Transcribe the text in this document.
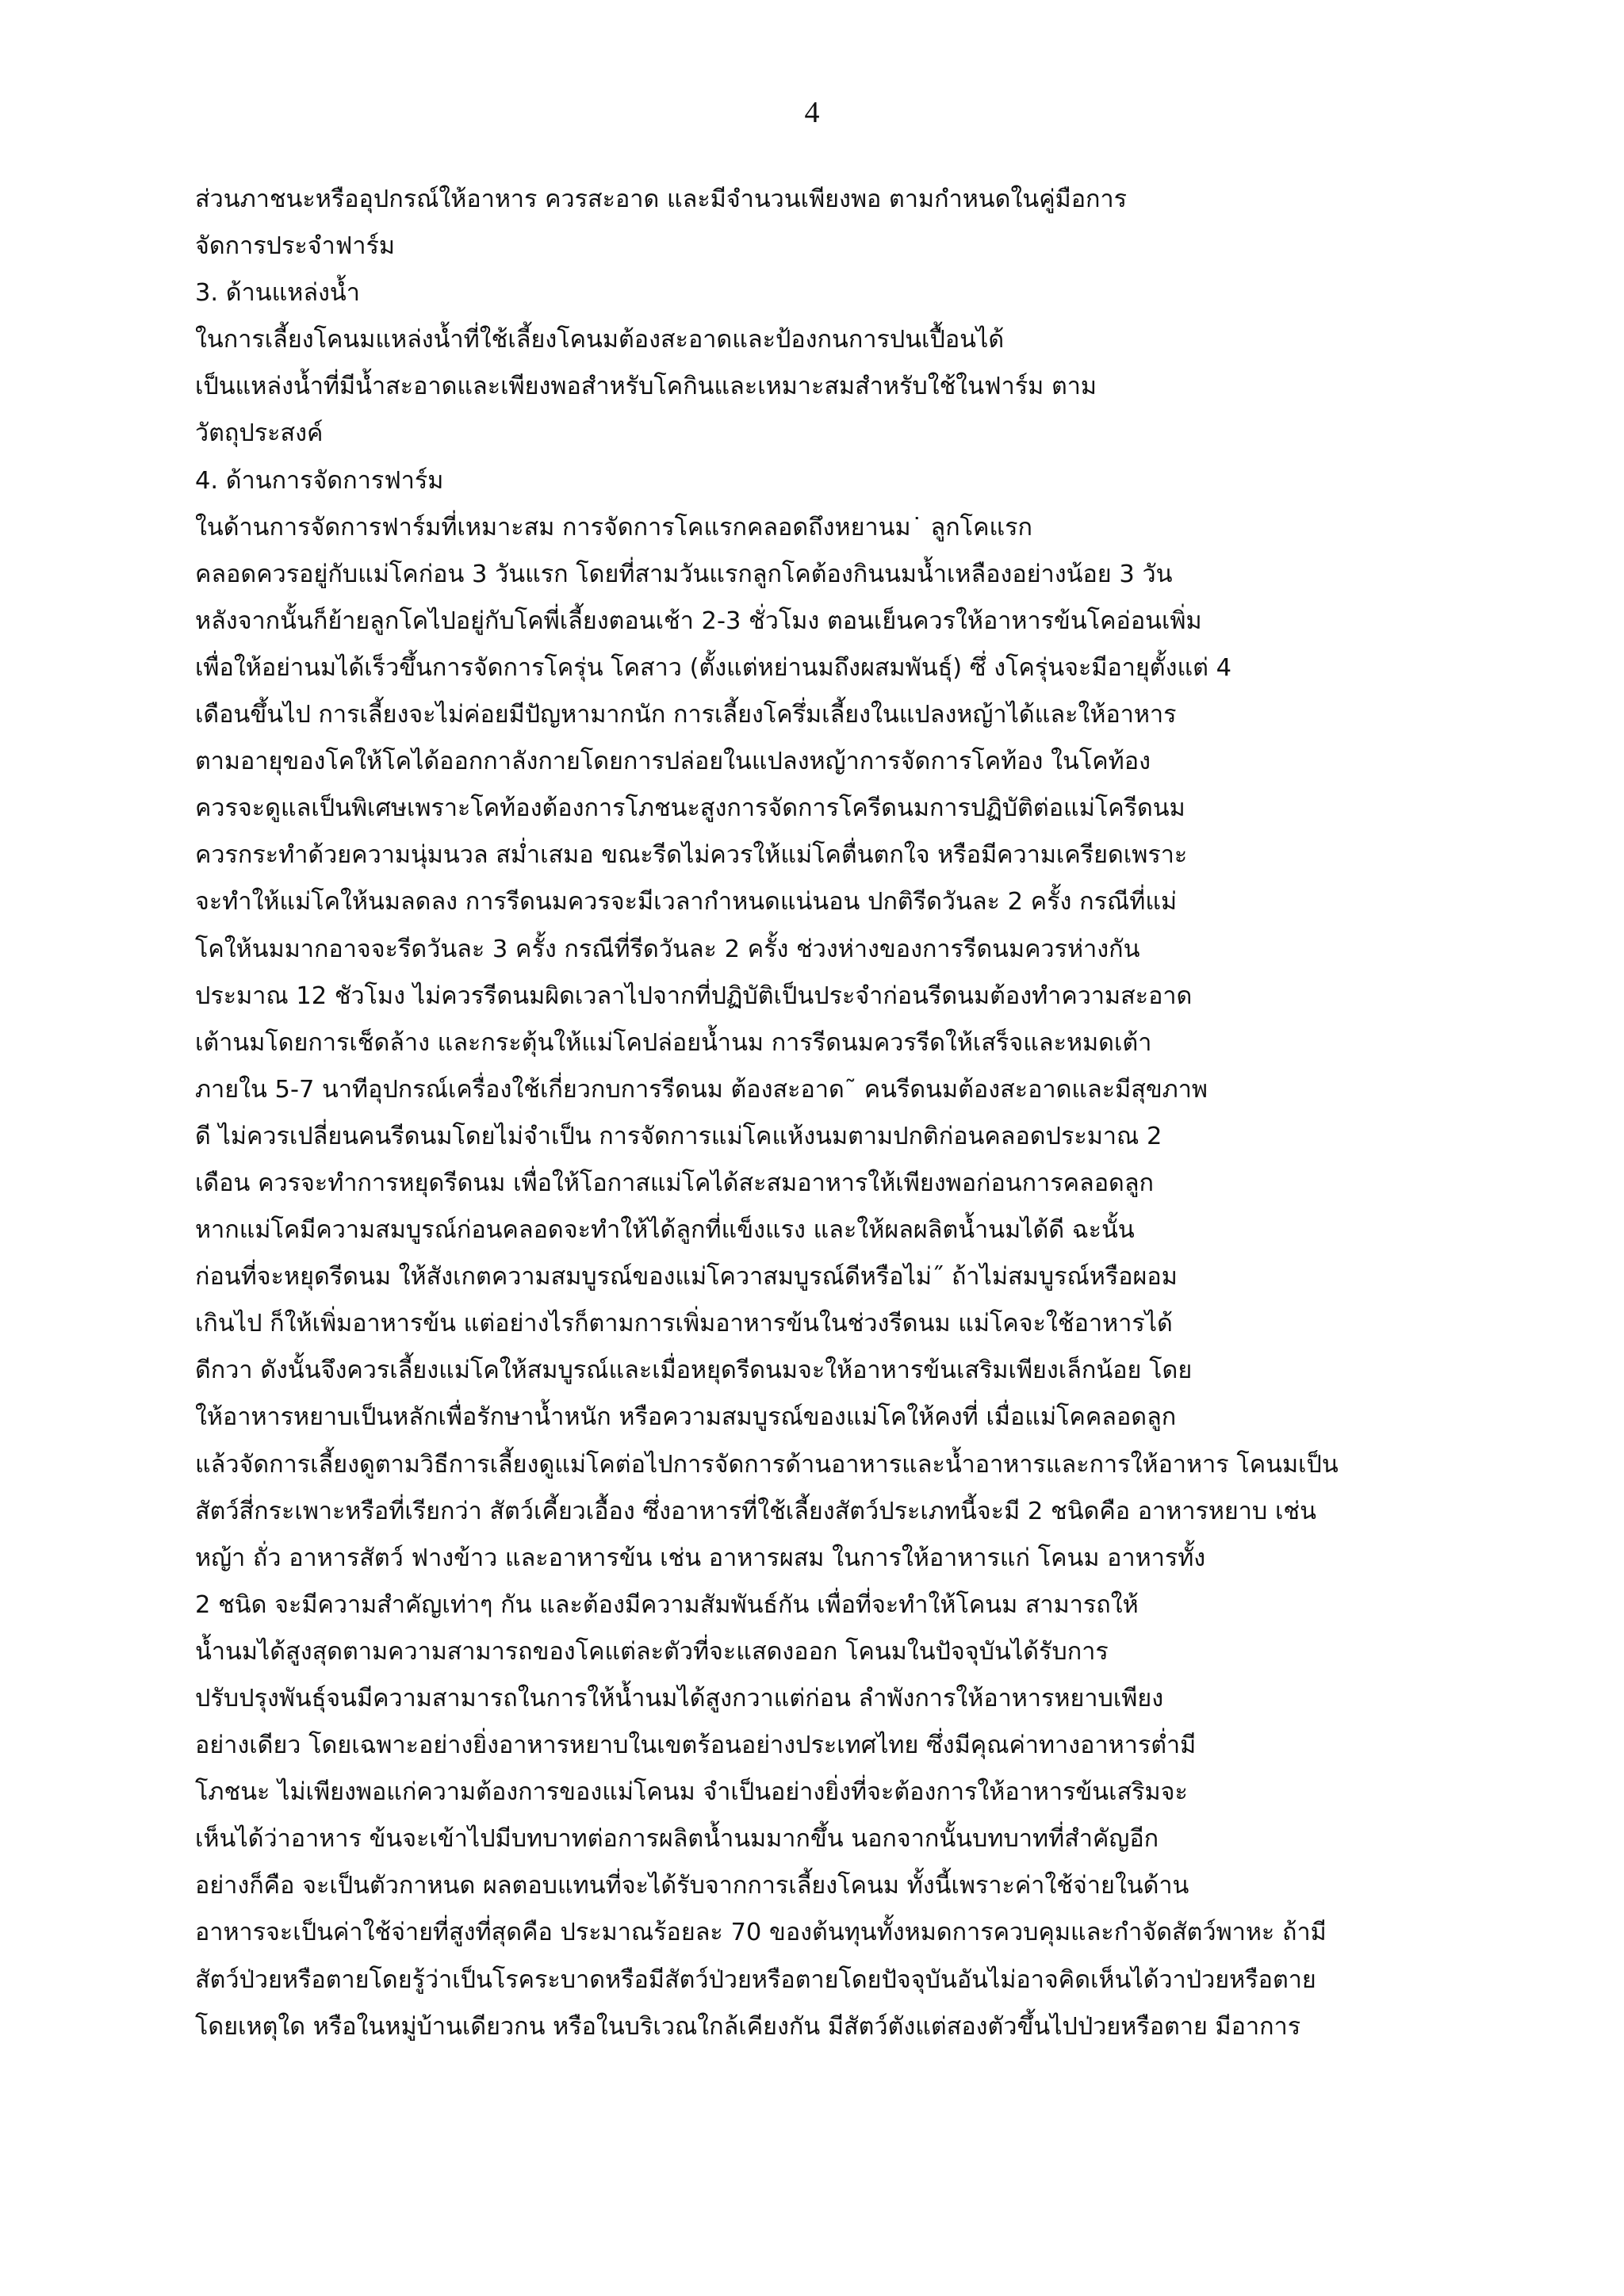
4
ส่วนภาชนะหรืออุปกรณ์ให้อาหาร ควรสะอาด และมีจำนวนเพียงพอ ตามกำหนดในคู่มือการ
จัดการประจำฟาร์ม
3. ด้านแหล่งน้ำ
ในการเลี้ยงโคนมแหล่งน้ำที่ใช้เลี้ยงโคนมต้องสะอาดและป้องกนการปนเปื้อนได้
เป็นแหล่งน้ำที่มีน้ำสะอาดและเพียงพอสำหรับโคกินและเหมาะสมสำหรับใช้ในฟาร์ม ตาม
วัตถุประสงค์
4. ด้านการจัดการฟาร์ม
ในด้านการจัดการฟาร์มที่เหมาะสม การจัดการโคแรกคลอดถึงหยานม˙ ลูกโคแรก
คลอดควรอยู่กับแม่โคก่อน 3 วันแรก โดยที่สามวันแรกลูกโคต้องกินนมน้ำเหลืองอย่างน้อย 3 วัน
หลังจากนั้นก็ย้ายลูกโคไปอยู่กับโคพี่เลี้ยงตอนเช้า 2-3 ชั่วโมง ตอนเย็นควรให้อาหารข้นโคอ่อนเพิ่ม
เพื่อให้อย่านมได้เร็วขึ้นการจัดการโครุ่น โคสาว (ตั้งแต่หย่านมถึงผสมพันธุ์) ซึ่ งโครุ่นจะมีอายุตั้งแต่ 4
เดือนขึ้นไป การเลี้ยงจะไม่ค่อยมีปัญหามากนัก การเลี้ยงโครึ่มเลี้ยงในแปลงหญ้าได้และให้อาหาร
ตามอายุของโคให้โคได้ออกกาลังกายโดยการปล่อยในแปลงหญ้าการจัดการโคท้อง ในโคท้อง
ควรจะดูแลเป็นพิเศษเพราะโคท้องต้องการโภชนะสูงการจัดการโครีดนมการปฏิบัติต่อแม่โครีดนม
ควรกระทำด้วยความนุ่มนวล สม่ำเสมอ ขณะรีดไม่ควรให้แม่โคตื่นตกใจ หรือมีความเครียดเพราะ
จะทำให้แม่โคให้นมลดลง การรีดนมควรจะมีเวลากำหนดแน่นอน ปกติรีดวันละ 2 ครั้ง กรณีที่แม่
โคให้นมมากอาจจะรีดวันละ 3 ครั้ง กรณีที่รีดวันละ 2 ครั้ง ช่วงห่างของการรีดนมควรห่างกัน
ประมาณ 12 ชัวโมง ไม่ควรรีดนมผิดเวลาไปจากที่ปฏิบัติเป็นประจำก่อนรีดนมต้องทำความสะอาด
เต้านมโดยการเช็ดล้าง และกระตุ้นให้แม่โคปล่อยน้ำนม การรีดนมควรรีดให้เสร็จและหมดเต้า
ภายใน 5-7 นาทีอุปกรณ์เครื่องใช้เกี่ยวกบการรีดนม ต้องสะอาด˜ คนรีดนมต้องสะอาดและมีสุขภาพ
ดี ไม่ควรเปลี่ยนคนรีดนมโดยไม่จำเป็น การจัดการแม่โคแห้งนมตามปกติก่อนคลอดประมาณ 2
เดือน ควรจะทำการหยุดรีดนม เพื่อให้โอกาสแม่โคได้สะสมอาหารให้เพียงพอก่อนการคลอดลูก
หากแม่โคมีความสมบูรณ์ก่อนคลอดจะทำให้ได้ลูกที่แข็งแรง และให้ผลผลิตน้ำนมได้ดี ฉะนั้น
ก่อนที่จะหยุดรีดนม ให้สังเกตความสมบูรณ์ของแม่โควาสมบูรณ์ดีหรือไม่˝ ถ้าไม่สมบูรณ์หรือผอม
เกินไป ก็ให้เพิ่มอาหารข้น แต่อย่างไรก็ตามการเพิ่มอาหารข้นในช่วงรีดนม แม่โคจะใช้อาหารได้
ดีกวา ดังนั้นจึงควรเลี้ยงแม่โคให้สมบูรณ์และเมื่อหยุดรีดนมจะให้อาหารข้นเสริมเพียงเล็กน้อย โดย
ให้อาหารหยาบเป็นหลักเพื่อรักษาน้ำหนัก หรือความสมบูรณ์ของแม่โคให้คงที่ เมื่อแม่โคคลอดลูก
แล้วจัดการเลี้ยงดูตามวิธีการเลี้ยงดูแม่โคต่อไปการจัดการด้านอาหารและน้ำอาหารและการให้อาหาร โคนมเป็น
สัตว์สี่กระเพาะหรือที่เรียกว่า สัตว์เคี้ยวเอื้อง ซึ่งอาหารที่ใช้เลี้ยงสัตว์ประเภทนี้จะมี 2 ชนิดคือ อาหารหยาบ เช่น
หญ้า ถั่ว อาหารสัตว์ ฟางข้าว และอาหารข้น เช่น อาหารผสม ในการให้อาหารแก่ โคนม อาหารทั้ง
2 ชนิด จะมีความสำคัญเท่าๆ กัน และต้องมีความสัมพันธ์กัน เพื่อที่จะทำให้โคนม สามารถให้
น้ำนมได้สูงสุดตามความสามารถของโคแต่ละตัวที่จะแสดงออก โคนมในปัจจุบันได้รับการ
ปรับปรุงพันธุ์จนมีความสามารถในการให้น้ำนมได้สูงกวาแต่ก่อน ลำพังการให้อาหารหยาบเพียง
อย่างเดียว โดยเฉพาะอย่างยิ่งอาหารหยาบในเขตร้อนอย่างประเทศไทย ซึ่งมีคุณค่าทางอาหารต่ำมี
โภชนะ ไม่เพียงพอแก่ความต้องการของแม่โคนม จำเป็นอย่างยิ่งที่จะต้องการให้อาหารข้นเสริมจะ
เห็นได้ว่าอาหาร ข้นจะเข้าไปมีบทบาทต่อการผลิตน้ำนมมากขึ้น นอกจากนั้นบทบาทที่สำคัญอีก
อย่างก็คือ จะเป็นตัวกาหนด ผลตอบแทนที่จะได้รับจากการเลี้ยงโคนม ทั้งนี้เพราะค่าใช้จ่ายในด้าน
อาหารจะเป็นค่าใช้จ่ายที่สูงที่สุดคือ ประมาณร้อยละ 70 ของต้นทุนทั้งหมดการควบคุมและกำจัดสัตว์พาหะ ถ้ามี
สัตว์ป่วยหรือตายโดยรู้ว่าเป็นโรคระบาดหรือมีสัตว์ป่วยหรือตายโดยปัจจุบันอันไม่อาจคิดเห็นได้วาป่วยหรือตาย
โดยเหตุใด หรือในหมู่บ้านเดียวกน หรือในบริเวณใกล้เคียงกัน มีสัตว์ตังแต่สองตัวขึ้นไปป่วยหรือตาย มีอาการ
